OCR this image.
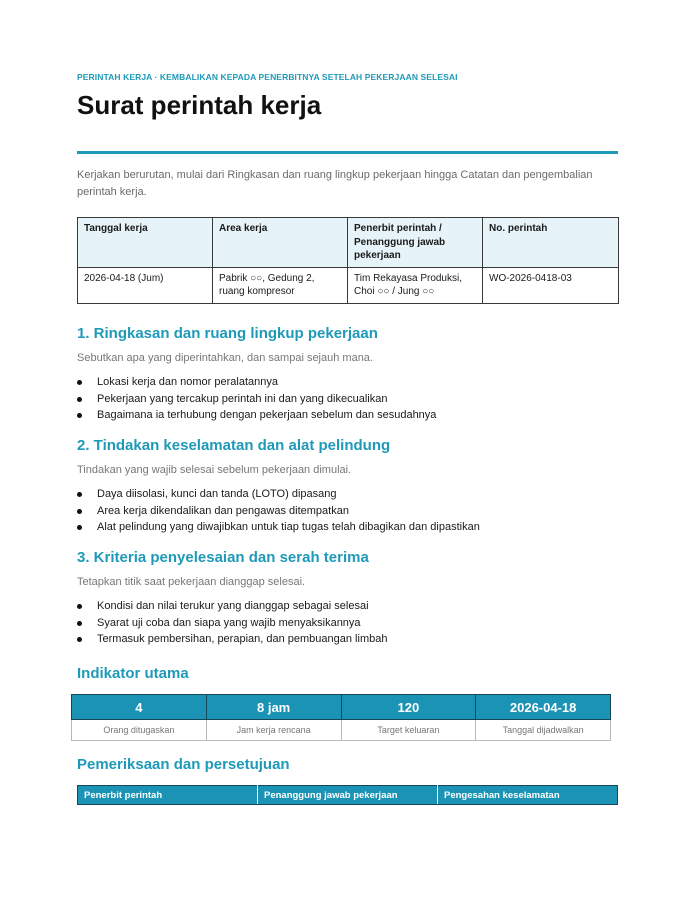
PERINTAH KERJA · KEMBALIKAN KEPADA PENERBITNYA SETELAH PEKERJAAN SELESAI
Surat perintah kerja
Kerjakan berurutan, mulai dari Ringkasan dan ruang lingkup pekerjaan hingga Catatan dan pengembalian perintah kerja.
Tanggal kerja	Area kerja	Penerbit perintah / Penanggung jawab pekerjaan	No. perintah
2026-04-18 (Jum)	Pabrik ○○, Gedung 2, ruang kompresor	Tim Rekayasa Produksi, Choi ○○ / Jung ○○	WO-2026-0418-03
1. Ringkasan dan ruang lingkup pekerjaan
Sebutkan apa yang diperintahkan, dan sampai sejauh mana.
Lokasi kerja dan nomor peralatannya
Pekerjaan yang tercakup perintah ini dan yang dikecualikan
Bagaimana ia terhubung dengan pekerjaan sebelum dan sesudahnya
2. Tindakan keselamatan dan alat pelindung
Tindakan yang wajib selesai sebelum pekerjaan dimulai.
Daya diisolasi, kunci dan tanda (LOTO) dipasang
Area kerja dikendalikan dan pengawas ditempatkan
Alat pelindung yang diwajibkan untuk tiap tugas telah dibagikan dan dipastikan
3. Kriteria penyelesaian dan serah terima
Tetapkan titik saat pekerjaan dianggap selesai.
Kondisi dan nilai terukur yang dianggap sebagai selesai
Syarat uji coba dan siapa yang wajib menyaksikannya
Termasuk pembersihan, perapian, dan pembuangan limbah
Indikator utama
4	8 jam	120	2026-04-18
Orang ditugaskan	Jam kerja rencana	Target keluaran	Tanggal dijadwalkan
Pemeriksaan dan persetujuan
Penerbit perintah	Penanggung jawab pekerjaan	Pengesahan keselamatan
